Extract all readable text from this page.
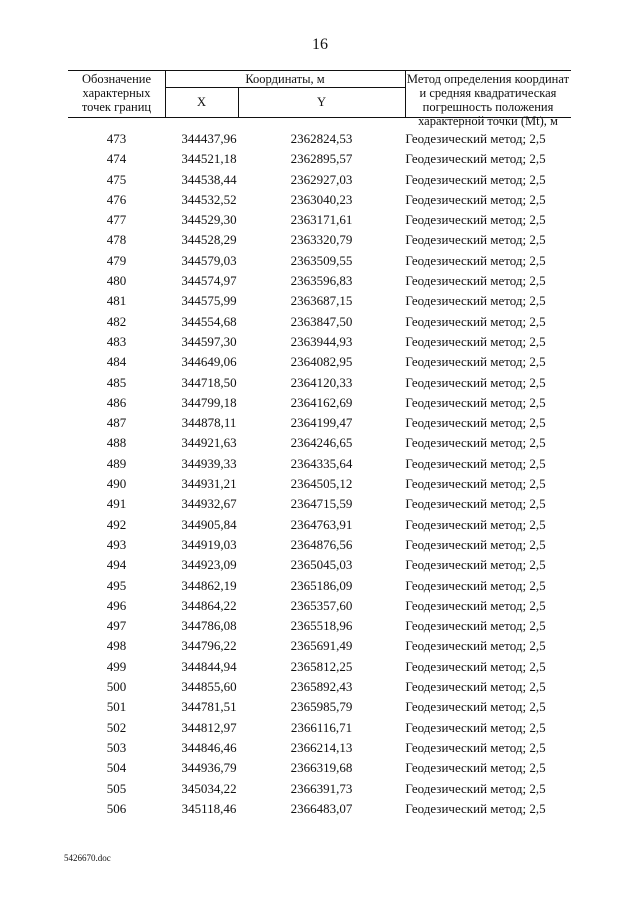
16
Обозначение характерных точек границ
Координаты, м
X	Y
Метод определения координат и средняя квадратическая погрешность положения характерной точки (Mt), м
473	344437,96	2362824,53	Геодезический метод; 2,5
474	344521,18	2362895,57	Геодезический метод; 2,5
475	344538,44	2362927,03	Геодезический метод; 2,5
476	344532,52	2363040,23	Геодезический метод; 2,5
477	344529,30	2363171,61	Геодезический метод; 2,5
478	344528,29	2363320,79	Геодезический метод; 2,5
479	344579,03	2363509,55	Геодезический метод; 2,5
480	344574,97	2363596,83	Геодезический метод; 2,5
481	344575,99	2363687,15	Геодезический метод; 2,5
482	344554,68	2363847,50	Геодезический метод; 2,5
483	344597,30	2363944,93	Геодезический метод; 2,5
484	344649,06	2364082,95	Геодезический метод; 2,5
485	344718,50	2364120,33	Геодезический метод; 2,5
486	344799,18	2364162,69	Геодезический метод; 2,5
487	344878,11	2364199,47	Геодезический метод; 2,5
488	344921,63	2364246,65	Геодезический метод; 2,5
489	344939,33	2364335,64	Геодезический метод; 2,5
490	344931,21	2364505,12	Геодезический метод; 2,5
491	344932,67	2364715,59	Геодезический метод; 2,5
492	344905,84	2364763,91	Геодезический метод; 2,5
493	344919,03	2364876,56	Геодезический метод; 2,5
494	344923,09	2365045,03	Геодезический метод; 2,5
495	344862,19	2365186,09	Геодезический метод; 2,5
496	344864,22	2365357,60	Геодезический метод; 2,5
497	344786,08	2365518,96	Геодезический метод; 2,5
498	344796,22	2365691,49	Геодезический метод; 2,5
499	344844,94	2365812,25	Геодезический метод; 2,5
500	344855,60	2365892,43	Геодезический метод; 2,5
501	344781,51	2365985,79	Геодезический метод; 2,5
502	344812,97	2366116,71	Геодезический метод; 2,5
503	344846,46	2366214,13	Геодезический метод; 2,5
504	344936,79	2366319,68	Геодезический метод; 2,5
505	345034,22	2366391,73	Геодезический метод; 2,5
506	345118,46	2366483,07	Геодезический метод; 2,5
5426670.doc
